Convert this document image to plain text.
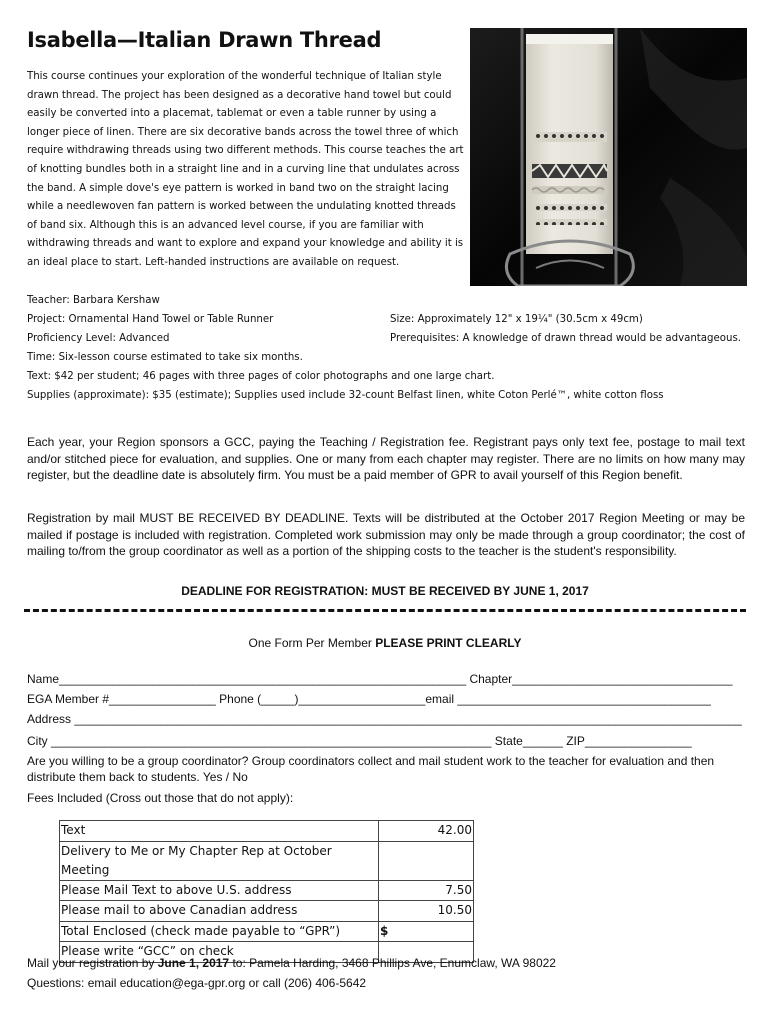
Isabella—Italian Drawn Thread
This course continues your exploration of the wonderful technique of Italian style drawn thread. The project has been designed as a decorative hand towel but could easily be converted into a placemat, tablemat or even a table runner by using a longer piece of linen. There are six decorative bands across the towel three of which require withdrawing threads using two different methods. This course teaches the art of knotting bundles both in a straight line and in a curving line that undulates across the band. A simple dove's eye pattern is worked in band two on the straight lacing while a needlewoven fan pattern is worked between the undulating knotted threads of band six. Although this is an advanced level course, if you are familiar with withdrawing threads and want to explore and expand your knowledge and ability it is an ideal place to start. Left-handed instructions are available on request.
Teacher: Barbara Kershaw
Project: Ornamental Hand Towel or Table Runner	Size: Approximately 12" x 19¼" (30.5cm x 49cm)
Proficiency Level: Advanced	Prerequisites: A knowledge of drawn thread would be advantageous.
Time: Six-lesson course estimated to take six months.
Text: $42 per student; 46 pages with three pages of color photographs and one large chart.
Supplies (approximate): $35 (estimate); Supplies used include 32-count Belfast linen, white Coton Perlé™, white cotton floss
Each year, your Region sponsors a GCC, paying the Teaching / Registration fee. Registrant pays only text fee, postage to mail text and/or stitched piece for evaluation, and supplies. One or many from each chapter may register. There are no limits on how many may register, but the deadline date is absolutely firm. You must be a paid member of GPR to avail yourself of this Region benefit.
Registration by mail MUST BE RECEIVED BY DEADLINE. Texts will be distributed at the October 2017 Region Meeting or may be mailed if postage is included with registration. Completed work submission may only be made through a group coordinator; the cost of mailing to/from the group coordinator as well as a portion of the shipping costs to the teacher is the student's responsibility.
DEADLINE FOR REGISTRATION: MUST BE RECEIVED BY JUNE 1, 2017
One Form Per Member PLEASE PRINT CLEARLY
Name_____________________________________________________________ Chapter_________________________________
EGA Member #________________ Phone (_____)___________________email ______________________________________
Address ____________________________________________________________________________________________________
City __________________________________________________________________ State______ ZIP________________
Are you willing to be a group coordinator? Group coordinators collect and mail student work to the teacher for evaluation and then distribute them back to students. Yes / No
Fees Included (Cross out those that do not apply):
Text	42.00
Delivery to Me or My Chapter Rep at October Meeting	
Please Mail Text to above U.S. address	7.50
Please mail to above Canadian address	10.50
Total Enclosed (check made payable to “GPR”)	$
Please write “GCC” on check	
Mail your registration by June 1, 2017 to: Pamela Harding, 3468 Phillips Ave, Enumclaw, WA 98022
Questions: email education@ega-gpr.org or call (206) 406-5642
